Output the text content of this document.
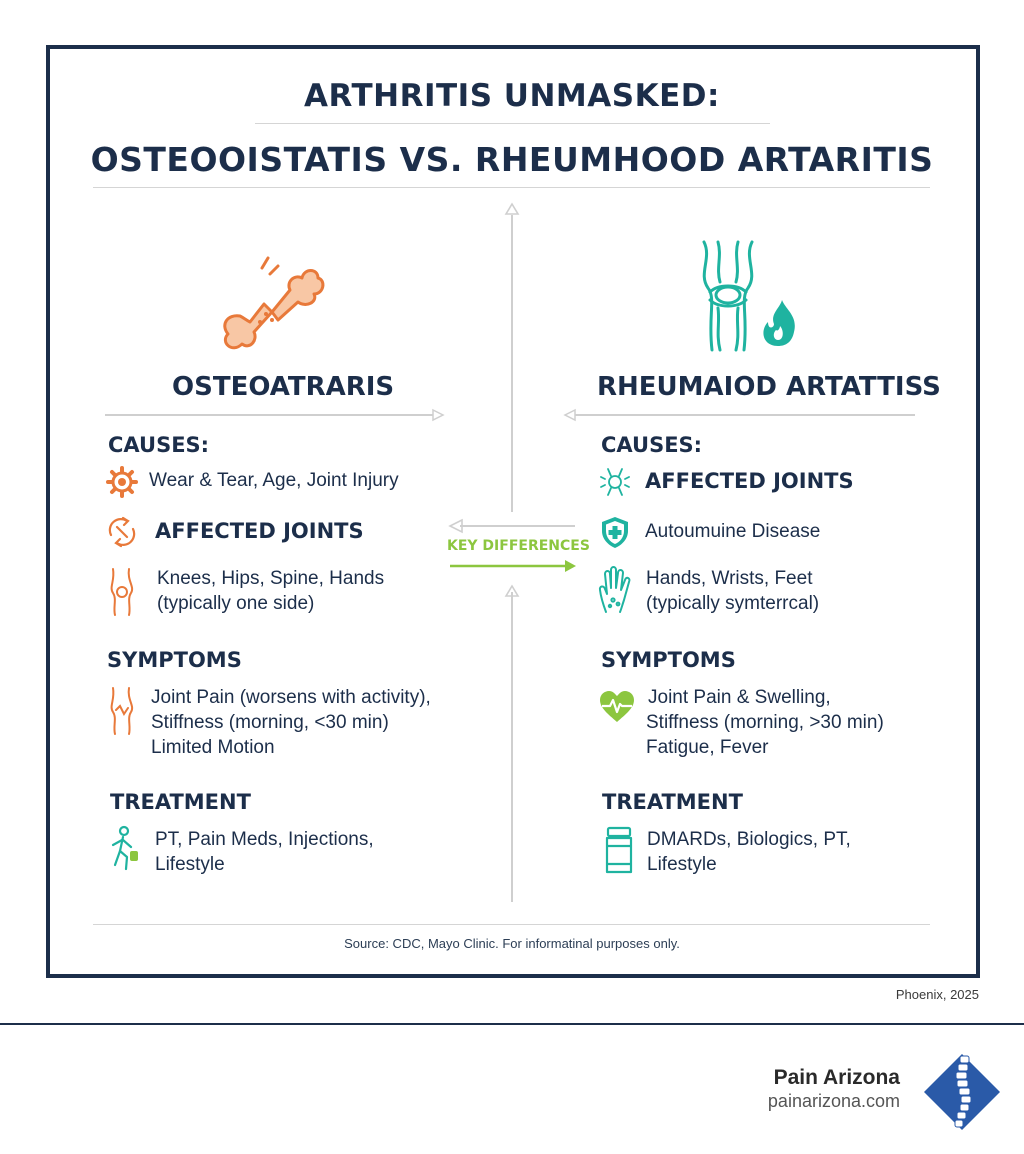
ARTHRITIS UNMASKED:
OSTEOOISTATIS VS. RHEUMHOOD ARTARITIS
KEY DIFFERENCES
OSTEOATRARIS
CAUSES:
Wear & Tear, Age, Joint Injury
AFFECTED JOINTS
Knees, Hips, Spine, Hands
(typically one side)
SYMPTOMS
Joint Pain (worsens with activity),
Stiffness (morning, <30 min)
Limited Motion
TREATMENT
PT, Pain Meds, Injections,
Lifestyle
RHEUMAIOD ARTATTISS
CAUSES:
AFFECTED JOINTS
Autoumuine Disease
Hands, Wrists, Feet
(typically symterrcal)
SYMPTOMS
Joint Pain & Swelling,
Stiffness (morning, >30 min)
Fatigue, Fever
TREATMENT
DMARDs, Biologics, PT,
Lifestyle
Source: CDC, Mayo Clinic. For informatinal purposes only.
Phoenix, 2025
Pain Arizona
painarizona.com
